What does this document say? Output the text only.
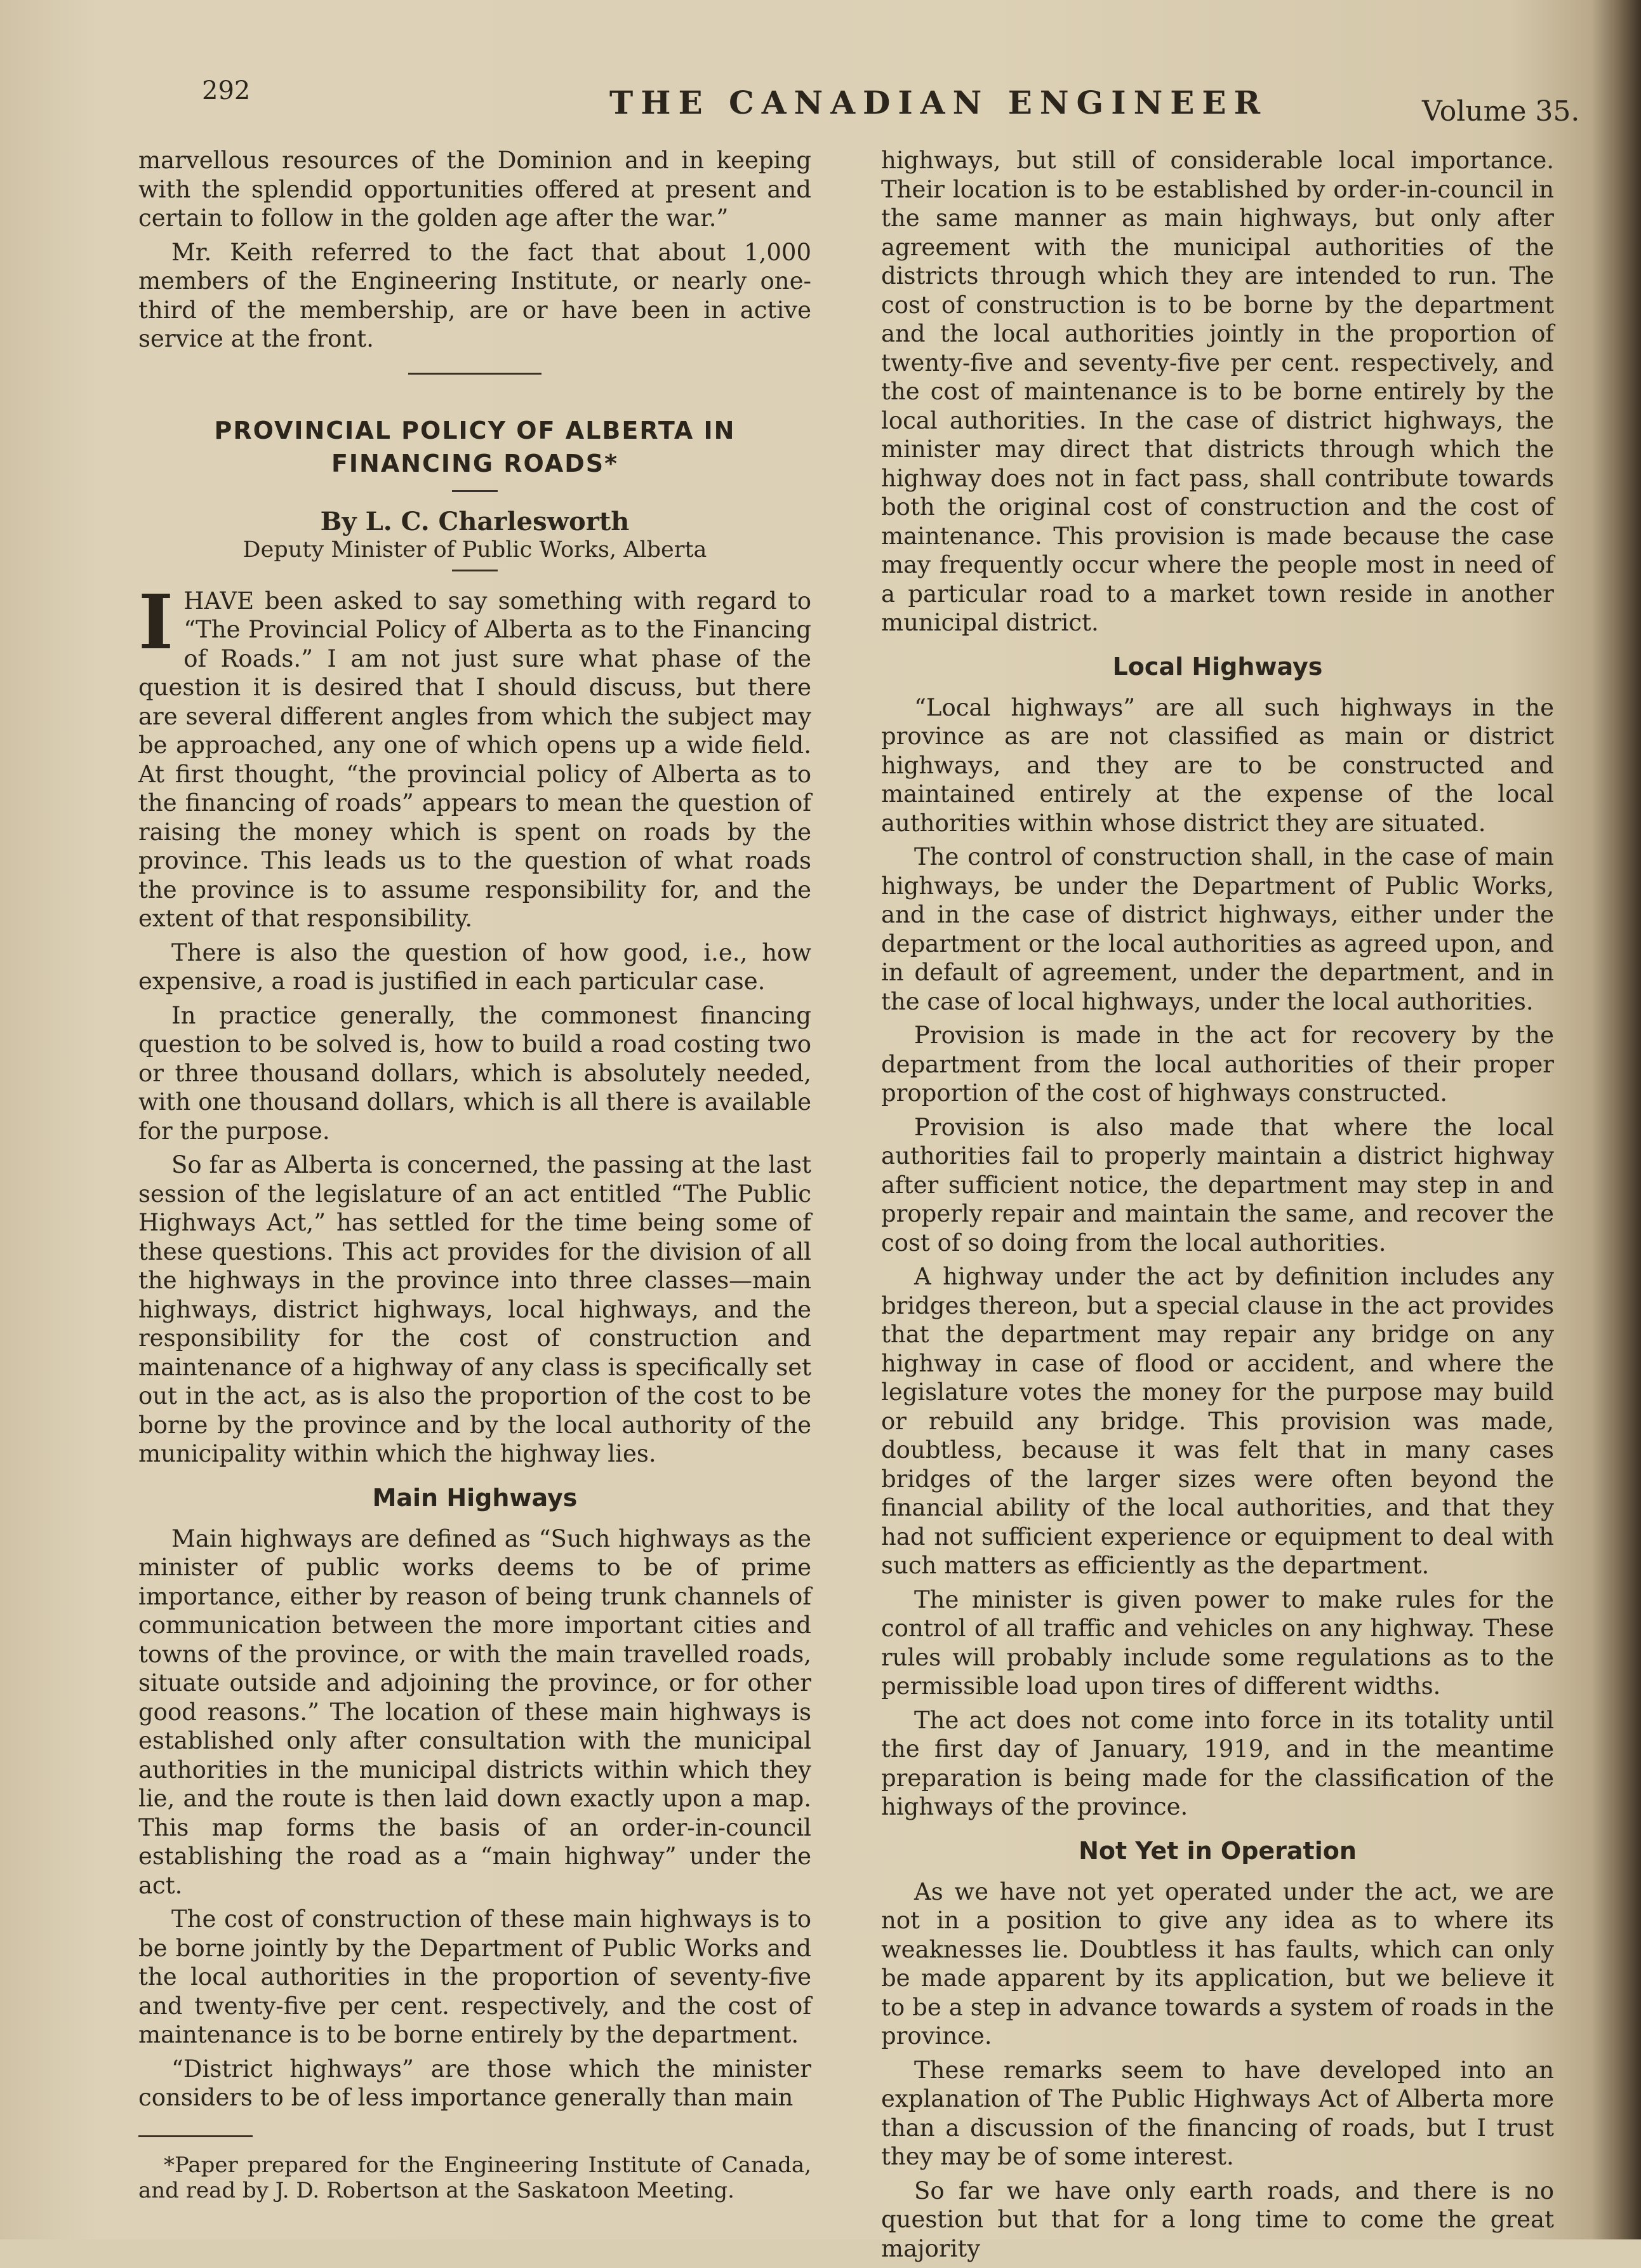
292	THE CANADIAN ENGINEER	Volume 35.

marvellous resources of the Dominion and in keeping with the splendid opportunities offered at present and certain to follow in the golden age after the war.”

Mr. Keith referred to the fact that about 1,000 members of the Engineering Institute, or nearly one-third of the membership, are or have been in active service at the front.

PROVINCIAL POLICY OF ALBERTA IN
FINANCING ROADS*
By L. C. Charlesworth
Deputy Minister of Public Works, Alberta

IHAVE been asked to say something with regard to “The Provincial Policy of Alberta as to the Financing of Roads.” I am not just sure what phase of the question it is desired that I should discuss, but there are several different angles from which the subject may be approached, any one of which opens up a wide field. At first thought, “the provincial policy of Alberta as to the financing of roads” appears to mean the question of raising the money which is spent on roads by the province. This leads us to the question of what roads the province is to assume responsibility for, and the extent of that responsibility.

There is also the question of how good, i.e., how expensive, a road is justified in each particular case.

In practice generally, the commonest financing question to be solved is, how to build a road costing two or three thousand dollars, which is absolutely needed, with one thousand dollars, which is all there is available for the purpose.

So far as Alberta is concerned, the passing at the last session of the legislature of an act entitled “The Public Highways Act,” has settled for the time being some of these questions. This act provides for the division of all the highways in the province into three classes—main highways, district highways, local highways, and the responsibility for the cost of construction and maintenance of a highway of any class is specifically set out in the act, as is also the proportion of the cost to be borne by the province and by the local authority of the municipality within which the highway lies.

Main Highways

Main highways are defined as “Such highways as the minister of public works deems to be of prime importance, either by reason of being trunk channels of communication between the more important cities and towns of the province, or with the main travelled roads, situate outside and adjoining the province, or for other good reasons.” The location of these main highways is established only after consultation with the municipal authorities in the municipal districts within which they lie, and the route is then laid down exactly upon a map. This map forms the basis of an order-in-council establishing the road as a “main highway” under the act.

The cost of construction of these main highways is to be borne jointly by the Department of Public Works and the local authorities in the proportion of seventy-five and twenty-five per cent. respectively, and the cost of maintenance is to be borne entirely by the department.

“District highways” are those which the minister considers to be of less importance generally than main

*Paper prepared for the Engineering Institute of Canada, and read by J. D. Robertson at the Saskatoon Meeting.

highways, but still of considerable local importance. Their location is to be established by order-in-council in the same manner as main highways, but only after agreement with the municipal authorities of the districts through which they are intended to run. The cost of construction is to be borne by the department and the local authorities jointly in the proportion of twenty-five and seventy-five per cent. respectively, and the cost of maintenance is to be borne entirely by the local authorities. In the case of district highways, the minister may direct that districts through which the highway does not in fact pass, shall contribute towards both the original cost of construction and the cost of maintenance. This provision is made because the case may frequently occur where the people most in need of a particular road to a market town reside in another municipal district.

Local Highways

“Local highways” are all such highways in the province as are not classified as main or district highways, and they are to be constructed and maintained entirely at the expense of the local authorities within whose district they are situated.

The control of construction shall, in the case of main highways, be under the Department of Public Works, and in the case of district highways, either under the department or the local authorities as agreed upon, and in default of agreement, under the department, and in the case of local highways, under the local authorities.

Provision is made in the act for recovery by the department from the local authorities of their proper proportion of the cost of highways constructed.

Provision is also made that where the local authorities fail to properly maintain a district highway after sufficient notice, the department may step in and properly repair and maintain the same, and recover the cost of so doing from the local authorities.

A highway under the act by definition includes any bridges thereon, but a special clause in the act provides that the department may repair any bridge on any highway in case of flood or accident, and where the legislature votes the money for the purpose may build or rebuild any bridge. This provision was made, doubtless, because it was felt that in many cases bridges of the larger sizes were often beyond the financial ability of the local authorities, and that they had not sufficient experience or equipment to deal with such matters as efficiently as the department.

The minister is given power to make rules for the control of all traffic and vehicles on any highway. These rules will probably include some regulations as to the permissible load upon tires of different widths.

The act does not come into force in its totality until the first day of January, 1919, and in the meantime preparation is being made for the classification of the highways of the province.

Not Yet in Operation

As we have not yet operated under the act, we are not in a position to give any idea as to where its weaknesses lie. Doubtless it has faults, which can only be made apparent by its application, but we believe it to be a step in advance towards a system of roads in the province.

These remarks seem to have developed into an explanation of The Public Highways Act of Alberta more than a discussion of the financing of roads, but I trust they may be of some interest.

So far we have only earth roads, and there is no question but that for a long time to come the great majority
